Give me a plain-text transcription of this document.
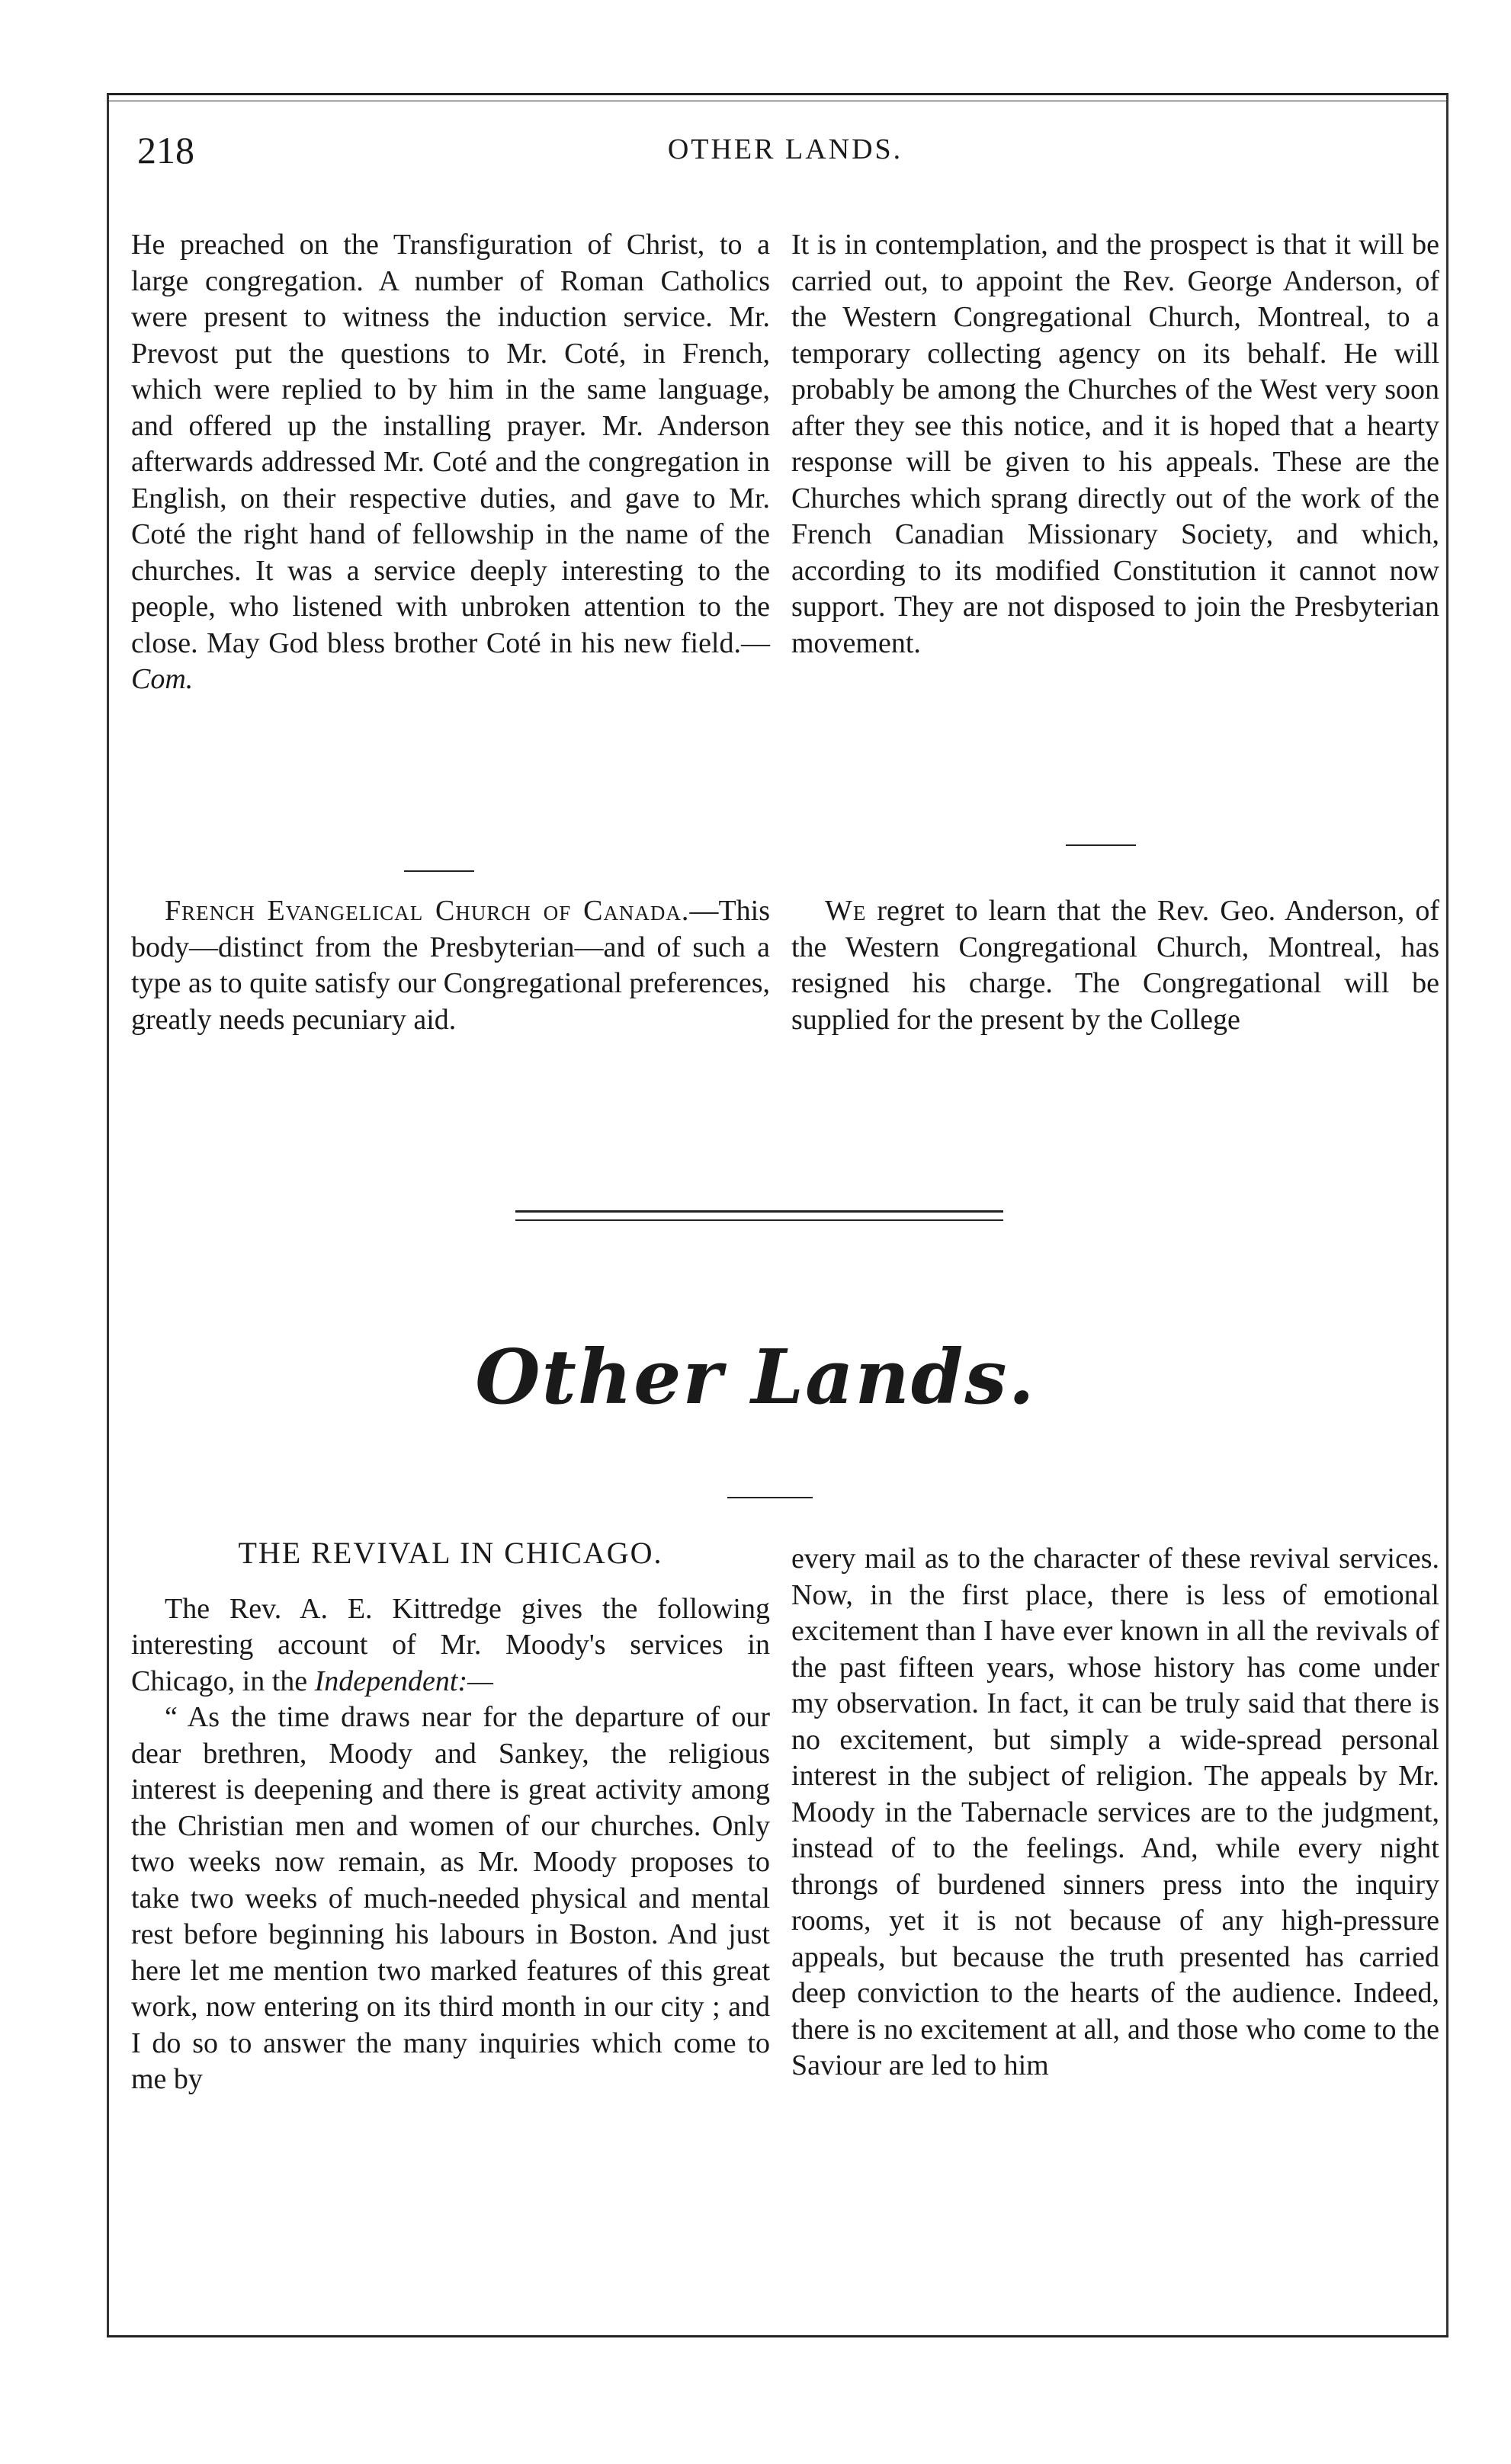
218	OTHER LANDS.

He preached on the Transfiguration of Christ, to a large congregation. A number of Roman Catholics were present to witness the induction service. Mr. Prevost put the questions to Mr. Coté, in French, which were replied to by him in the same language, and offered up the installing prayer. Mr. Anderson afterwards addressed Mr. Coté and the congregation in English, on their respective duties, and gave to Mr. Coté the right hand of fellowship in the name of the churches. It was a service deeply interesting to the people, who listened with unbroken attention to the close. May God bless brother Coté in his new field.—Com.

It is in contemplation, and the prospect is that it will be carried out, to appoint the Rev. George Anderson, of the Western Congregational Church, Montreal, to a temporary collecting agency on its behalf. He will probably be among the Churches of the West very soon after they see this notice, and it is hoped that a hearty response will be given to his appeals. These are the Churches which sprang directly out of the work of the French Canadian Missionary Society, and which, according to its modified Constitution it cannot now support. They are not disposed to join the Presbyterian movement.

French Evangelical Church of Canada.—This body—distinct from the Presbyterian—and of such a type as to quite satisfy our Congregational preferences, greatly needs pecuniary aid.

We regret to learn that the Rev. Geo. Anderson, of the Western Congregational Church, Montreal, has resigned his charge. The Congregational will be supplied for the present by the College

Other Lands.
THE REVIVAL IN CHICAGO.

The Rev. A. E. Kittredge gives the following interesting account of Mr. Moody's services in Chicago, in the Independent:—

“ As the time draws near for the departure of our dear brethren, Moody and Sankey, the religious interest is deepening and there is great activity among the Christian men and women of our churches. Only two weeks now remain, as Mr. Moody proposes to take two weeks of much-needed physical and mental rest before beginning his labours in Boston. And just here let me mention two marked features of this great work, now entering on its third month in our city ; and I do so to answer the many inquiries which come to me by

every mail as to the character of these revival services. Now, in the first place, there is less of emotional excitement than I have ever known in all the revivals of the past fifteen years, whose history has come under my observation. In fact, it can be truly said that there is no excitement, but simply a wide-spread personal interest in the subject of religion. The appeals by Mr. Moody in the Tabernacle services are to the judgment, instead of to the feelings. And, while every night throngs of burdened sinners press into the inquiry rooms, yet it is not because of any high-pressure appeals, but because the truth presented has carried deep conviction to the hearts of the audience. Indeed, there is no excitement at all, and those who come to the Saviour are led to him
